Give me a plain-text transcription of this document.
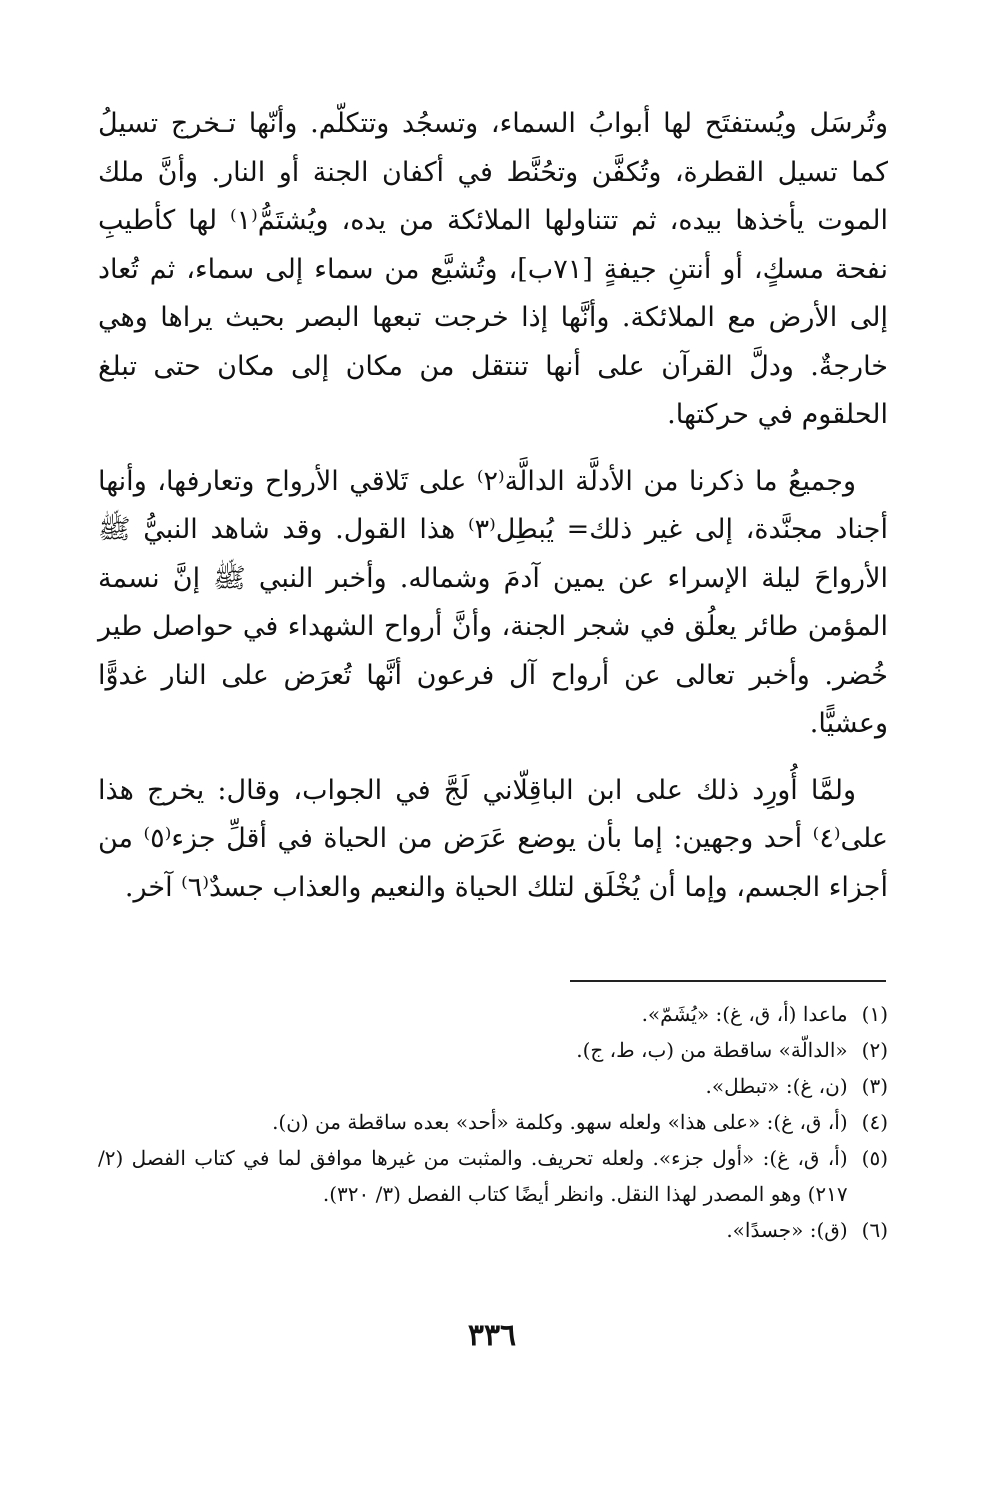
وتُرسَل ويُستفتَح لها أبوابُ السماء، وتسجُد وتتكلّم. وأنّها تـخرج تسيلُ كما تسيل القطرة، وتُكفَّن وتحُنَّط في أكفان الجنة أو النار. وأنَّ ملك الموت يأخذها بيده، ثم تتناولها الملائكة من يده، ويُشتَمُّ⁽١⁾ لها كأطيبِ نفحة مسكٍ، أو أنتنِ جيفةٍ [٧١ب]، وتُشيَّع من سماء إلى سماء، ثم تُعاد إلى الأرض مع الملائكة. وأنَّها إذا خرجت تبعها البصر بحيث يراها وهي خارجةٌ. ودلَّ القرآن على أنها تنتقل من مكان إلى مكان حتى تبلغ الحلقوم في حركتها.

وجميعُ ما ذكرنا من الأدلَّة الدالَّة⁽٢⁾ على تَلاقي الأرواح وتعارفها، وأنها أجناد مجنَّدة، إلى غير ذلك= يُبطِل⁽٣⁾ هذا القول. وقد شاهد النبيُّ ﷺ الأرواحَ ليلة الإسراء عن يمين آدمَ وشماله. وأخبر النبي ﷺ إنَّ نسمة المؤمن طائر يعلُق في شجر الجنة، وأنَّ أرواح الشهداء في حواصل طير خُضر. وأخبر تعالى عن أرواح آل فرعون أنَّها تُعرَض على النار غدوًّا وعشيًّا.

ولمَّا أُورِد ذلك على ابن الباقِلّاني لَجَّ في الجواب، وقال: يخرج هذا على⁽٤⁾ أحد وجهين: إما بأن يوضع عَرَض من الحياة في أقلِّ جزء⁽٥⁾ من أجزاء الجسم، وإما أن يُخْلَق لتلك الحياة والنعيم والعذاب جسدٌ⁽٦⁾ آخر.

(١)
ماعدا (أ، ق، غ): «يُشَمّ».
(٢)
«الدالّة» ساقطة من (ب، ط، ج).
(٣)
(ن، غ): «تبطل».
(٤)
(أ، ق، غ): «على هذا» ولعله سهو. وكلمة «أحد» بعده ساقطة من (ن).
(٥)
(أ، ق، غ): «أول جزء». ولعله تحريف. والمثبت من غيرها موافق لما في كتاب الفصل (٢/ ٢١٧) وهو المصدر لهذا النقل. وانظر أيضًا كتاب الفصل (٣/ ٣٢٠).
(٦)
(ق): «جسدًا».
٣٣٦
